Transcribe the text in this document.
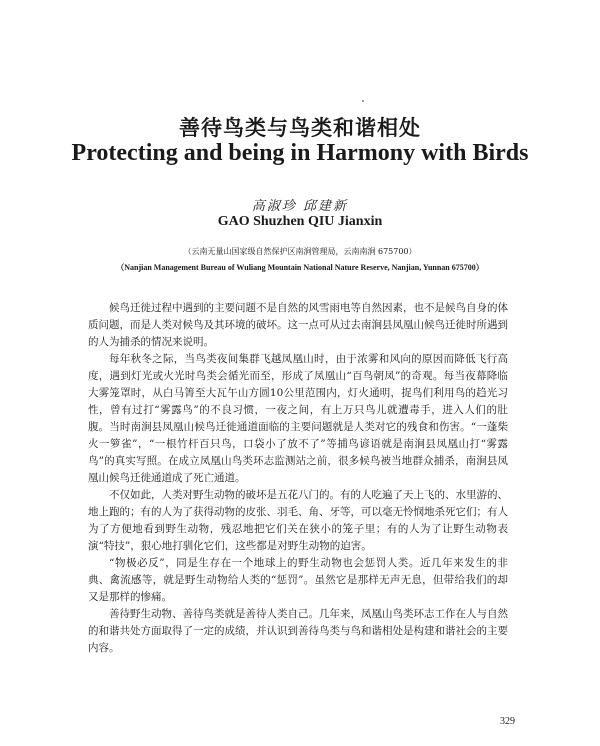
善待鸟类与鸟类和谐相处
Protecting and being in Harmony with Birds
高淑珍 邱建新
GAO Shuzhen QIU Jianxin
（云南无量山国家级自然保护区南涧管理局，云南南涧 675700）
（Nanjian Management Bureau of Wuliang Mountain National Nature Reserve, Nanjian, Yunnan 675700）

候鸟迁徙过程中遇到的主要问题不是自然的风雪雨电等自然因素，也不是候鸟自身的体质问题，而是人类对候鸟及其环境的破坏。这一点可从过去南涧县凤凰山候鸟迁徙时所遇到的人为捕杀的情况来说明。

每年秋冬之际，当鸟类夜间集群飞越凤凰山时，由于浓雾和风向的原因而降低飞行高度，遇到灯光或火光时鸟类会循光而至，形成了凤凰山“百鸟朝凤”的奇观。每当夜幕降临大雾笼罩时，从白马箐至大瓦午山方圆10公里范围内，灯火通明，捉鸟们利用鸟的趋光习性，曾有过打“雾露鸟”的不良习惯，一夜之间，有上万只鸟儿就遭毒手，进入人们的肚腹。当时南涧县凤凰山候鸟迁徙通道面临的主要问题就是人类对它的残食和伤害。“一蓬柴火一箩雀”，“一根竹杆百只鸟，口袋小了放不了”等捕鸟谚语就是南涧县凤凰山打“雾露鸟”的真实写照。在成立凤凰山鸟类环志监测站之前，很多候鸟被当地群众捕杀，南涧县凤凰山候鸟迁徙通道成了死亡通道。

不仅如此，人类对野生动物的破坏是五花八门的。有的人吃遍了天上飞的、水里游的、地上跑的；有的人为了获得动物的皮张、羽毛、角、牙等，可以毫无怜悯地杀死它们；有人为了方便地看到野生动物，残忍地把它们关在狭小的笼子里；有的人为了让野生动物表演“特技”，狠心地打驯化它们，这些都是对野生动物的迫害。

“物极必反”，同是生存在一个地球上的野生动物也会惩罚人类。近几年来发生的非典、禽流感等，就是野生动物给人类的“惩罚”。虽然它是那样无声无息，但带给我们的却又是那样的惨痛。

善待野生动物、善待鸟类就是善待人类自己。几年来，凤凰山鸟类环志工作在人与自然的和谐共处方面取得了一定的成绩，并认识到善待鸟类与鸟和谐相处是构建和谐社会的主要内容。

329
